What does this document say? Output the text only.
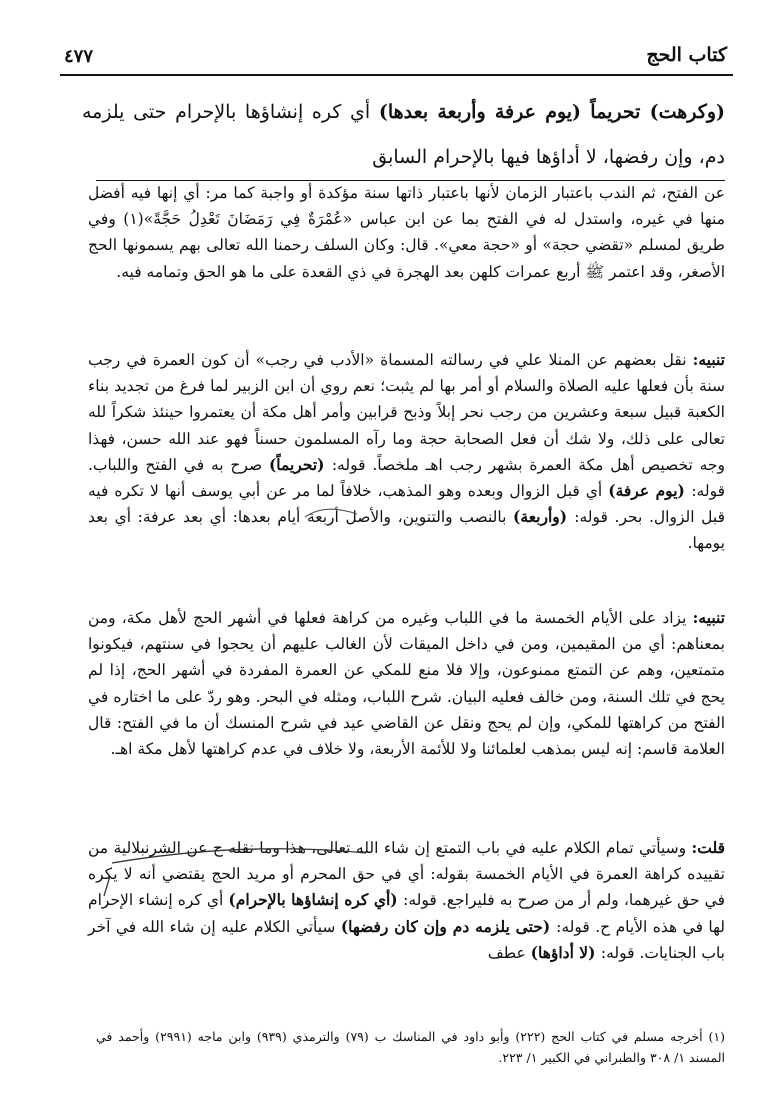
٤٧٧	كتاب الحج
(وكرهت) تحريماً (يوم عرفة وأربعة بعدها) أي كره إنشاؤها بالإحرام حتى يلزمه دم، وإن رفضها، لا أداؤها فيها بالإحرام السابق

عن الفتح، ثم الندب باعتبار الزمان لأنها باعتبار ذاتها سنة مؤكدة أو واجبة كما مر: أي إنها فيه أفضل منها في غيره، واستدل له في الفتح بما عن ابن عباس «عُمْرَةٌ فِي رَمَضَانَ تَعْدِلُ حَجَّةً»(١) وفي طريق لمسلم «تقضي حجة» أو «حجة معي». قال: وكان السلف رحمنا الله تعالى بهم يسمونها الحج الأصغر، وقد اعتمر ﷺ أربع عمرات كلهن بعد الهجرة في ذي القعدة على ما هو الحق وتمامه فيه.

تنبيه: نقل بعضهم عن المنلا علي في رسالته المسماة «الأدب في رجب» أن كون العمرة في رجب سنة بأن فعلها عليه الصلاة والسلام أو أمر بها لم يثبت؛ نعم روي أن ابن الزبير لما فرغ من تجديد بناء الكعبة قبيل سبعة وعشرين من رجب نحر إبلاً وذبح قرابين وأمر أهل مكة أن يعتمروا حينئذ شكراً لله تعالى على ذلك، ولا شك أن فعل الصحابة حجة وما رآه المسلمون حسناً فهو عند الله حسن، فهذا وجه تخصيص أهل مكة العمرة بشهر رجب اهـ ملخصاً. قوله: (تحريماً) صرح به في الفتح واللباب. قوله: (يوم عرفة) أي قبل الزوال وبعده وهو المذهب، خلافاً لما مر عن أبي يوسف أنها لا تكره فيه قبل الزوال. بحر. قوله: (وأربعة) بالنصب والتنوين، والأصل أربعة أيام بعدها: أي بعد عرفة: أي بعد يومها.

تنبيه: يزاد على الأيام الخمسة ما في اللباب وغيره من كراهة فعلها في أشهر الحج لأهل مكة، ومن بمعناهم: أي من المقيمين، ومن في داخل الميقات لأن الغالب عليهم أن يحجوا في سنتهم، فيكونوا متمتعين، وهم عن التمتع ممنوعون، وإلا فلا منع للمكي عن العمرة المفردة في أشهر الحج، إذا لم يحج في تلك السنة، ومن خالف فعليه البيان. شرح اللباب، ومثله في البحر. وهو ردّ على ما اختاره في الفتح من كراهتها للمكي، وإن لم يحج ونقل عن القاضي عيد في شرح المنسك أن ما في الفتح: قال العلامة قاسم: إنه ليس بمذهب لعلمائنا ولا للأئمة الأربعة، ولا خلاف في عدم كراهتها لأهل مكة اهـ.

قلت: وسيأتي تمام الكلام عليه في باب التمتع إن شاء الله تعالى، هذا وما نقله ح عن الشرنبلالية من تقييده كراهة العمرة في الأيام الخمسة بقوله: أي في حق المحرم أو مريد الحج يقتضي أنه لا يكره في حق غيرهما، ولم أر من صرح به فليراجع. قوله: (أي كره إنشاؤها بالإحرام) أي كره إنشاء الإحرام لها في هذه الأيام ح. قوله: (حتى يلزمه دم وإن كان رفضها) سيأتي الكلام عليه إن شاء الله في آخر باب الجنايات. قوله: (لا أداؤها) عطف

(١) أخرجه مسلم في كتاب الحج (٢٢٢) وأبو داود في المناسك ب (٧٩) والترمذي (٩٣٩) وابن ماجه (٢٩٩١) وأحمد في المسند ١/ ٣٠٨ والطبراني في الكبير ١/ ٢٢٣.
